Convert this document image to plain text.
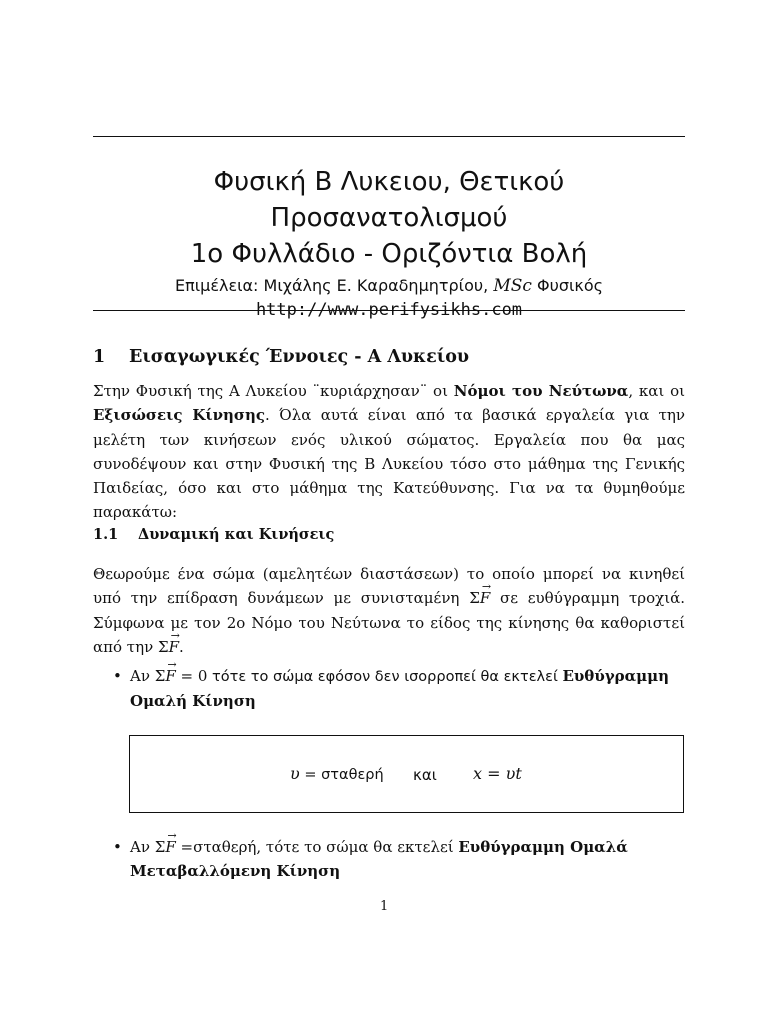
Φυσική Β Λυκειου, Θετικού Προσανατολισμού
1ο Φυλλάδιο - Οριζόντια Βολή
Επιμέλεια: Μιχάλης Ε. Καραδημητρίου, MSc Φυσικός
http://www.perifysikhs.com
1 Εισαγωγικές Έννοιες - Α Λυκείου
Στην Φυσική της Α Λυκείου ¨κυριάρχησαν¨ οι Νόμοι του Νεύτωνα, και οι Εξισώσεις Κίνησης. Όλα αυτά είναι από τα βασικά εργαλεία για την μελέτη των κινήσεων ενός υλικού σώματος. Εργαλεία που θα μας συνοδέψουν και στην Φυσική της Β Λυκείου τόσο στο μάθημα της Γενικής Παιδείας, όσο και στο μάθημα της Κατεύθυνσης. Για να τα θυμηθούμε παρακάτω:
1.1 Δυναμική και Κινήσεις
Θεωρούμε ένα σώμα (αμελητέων διαστάσεων) το οποίο μπορεί να κινηθεί υπό την επίδραση δυνάμεων με συνισταμένη Σ→ F σε ευθύγραμμη τροχιά. Σύμφωνα με τον 2ο Νόμο του Νεύτωνα το είδος της κίνησης θα καθοριστεί από την Σ→ F.
• Αν Σ→ F = 0 τότε το σώμα εφόσον δεν ισορροπεί θα εκτελεί Ευθύγραμμη Ομαλή Κίνηση
υ = σταθερή και x = υt
• Αν Σ→ F =σταθερή, τότε το σώμα θα εκτελεί Ευθύγραμμη Ομαλά Μεταβαλλόμενη Κίνηση
1
